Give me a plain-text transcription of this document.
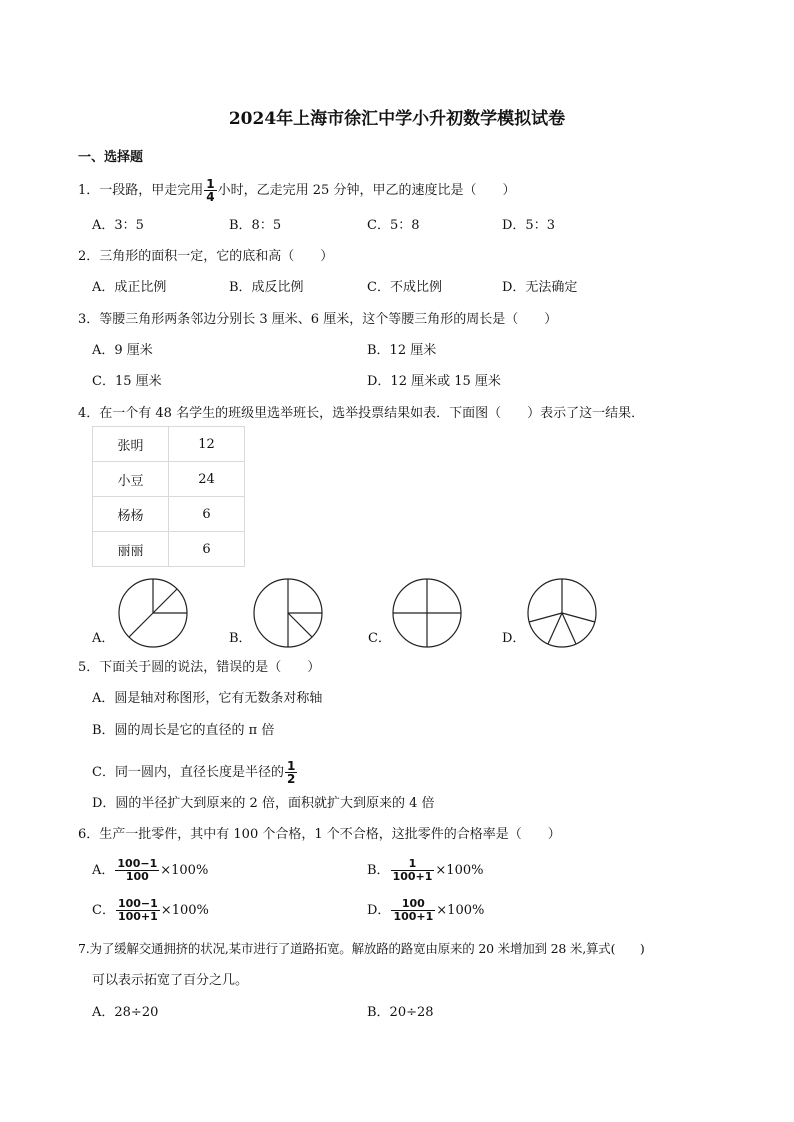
2024年上海市徐汇中学小升初数学模拟试卷
一、选择题
1．一段路，甲走完用 $\frac{1}{4}$ 小时，乙走完用 25 分钟，甲乙的速度比是（　　）
A．3：5	B．8：5	C．5：8	D．5：3
2．三角形的面积一定，它的底和高（　　）
A．成正比例	B．成反比例	C．不成比例	D．无法确定
3．等腰三角形两条邻边分别长 3 厘米、6 厘米，这个等腰三角形的周长是（　　）
A．9 厘米	B．12 厘米
C．15 厘米	D．12 厘米或 15 厘米
4．在一个有 48 名学生的班级里选举班长，选举投票结果如表．下面图（　　）表示了这一结果．
张明	12
小豆	24
杨杨	6
丽丽	6
A．	B．	C．	D．
5．下面关于圆的说法，错误的是（　　）
A．圆是轴对称图形，它有无数条对称轴
B．圆的周长是它的直径的 π 倍
C．同一圆内，直径长度是半径的 $\frac{1}{2}$
D．圆的半径扩大到原来的 2 倍，面积就扩大到原来的 4 倍
6．生产一批零件，其中有 100 个合格，1 个不合格，这批零件的合格率是（　　）
A． $\frac{100-1}{100} \times 100\%$	B． $\frac{1}{100+1} \times 100\%$
C． $\frac{100-1}{100+1} \times 100\%$	D． $\frac{100}{100+1} \times 100\%$
7.为了缓解交通拥挤的状况,某市进行了道路拓宽。解放路的路宽由原来的 20 米增加到 28 米,算式(　　)
可以表示拓宽了百分之几。
A．28÷20	B．20÷28
